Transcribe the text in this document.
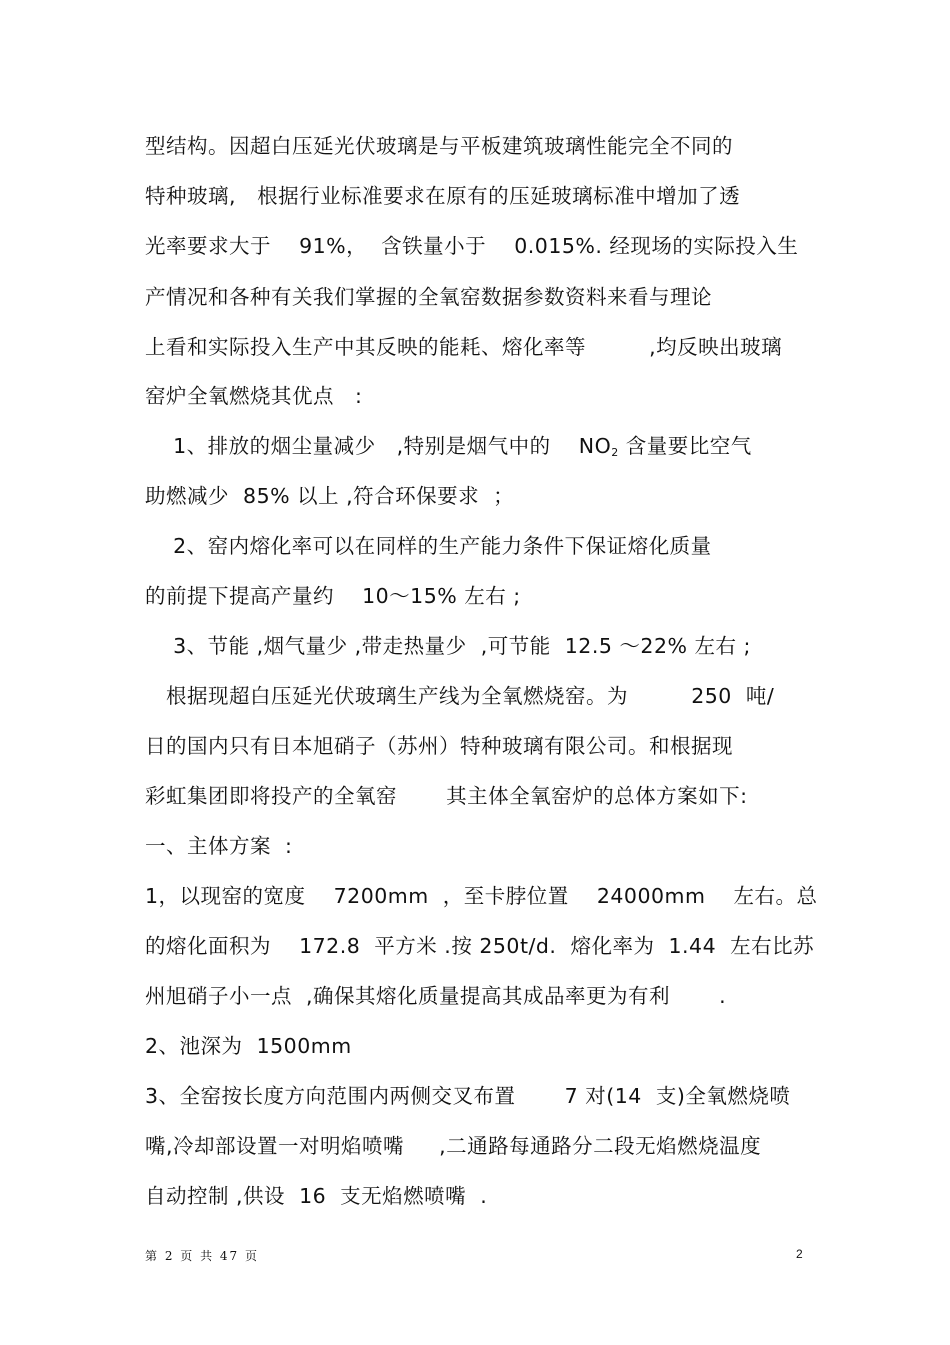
型结构。因超白压延光伏玻璃是与平板建筑玻璃性能完全不同的
特种玻璃,   根据行业标准要求在原有的压延玻璃标准中增加了透
光率要求大于    91%，  含铁量小于    0.015%. 经现场的实际投入生
产情况和各种有关我们掌握的全氧窑数据参数资料来看与理论
上看和实际投入生产中其反映的能耗、熔化率等         ,均反映出玻璃
窑炉全氧燃烧其优点   :
1、排放的烟尘量减少   ,特别是烟气中的    $NO_2$ 含量要比空气
助燃减少  85% 以上 ,符合环保要求  ；
2、窑内熔化率可以在同样的生产能力条件下保证熔化质量
的前提下提高产量约    10～15% 左右 ;
3、节能 ,烟气量少 ,带走热量少  ,可节能  12.5 ～22% 左右 ;
根据现超白压延光伏玻璃生产线为全氧燃烧窑。为         250  吨/
日的国内只有日本旭硝子（苏州）特种玻璃有限公司。和根据现
彩虹集团即将投产的全氧窑       其主体全氧窑炉的总体方案如下:
一、主体方案  :
1，以现窑的宽度    7200mm  ，至卡脖位置    24000mm    左右。总
的熔化面积为    172.8  平方米 .按 250t/d.  熔化率为  1.44  左右比苏
州旭硝子小一点  ,确保其熔化质量提高其成品率更为有利       .
2、池深为  1500mm
3、全窑按长度方向范围内两侧交叉布置       7 对(14  支)全氧燃烧喷
嘴,冷却部设置一对明焰喷嘴     ,二通路每通路分二段无焰燃烧温度
自动控制 ,供设  16  支无焰燃喷嘴  .
第 2 页 共 47 页	2
